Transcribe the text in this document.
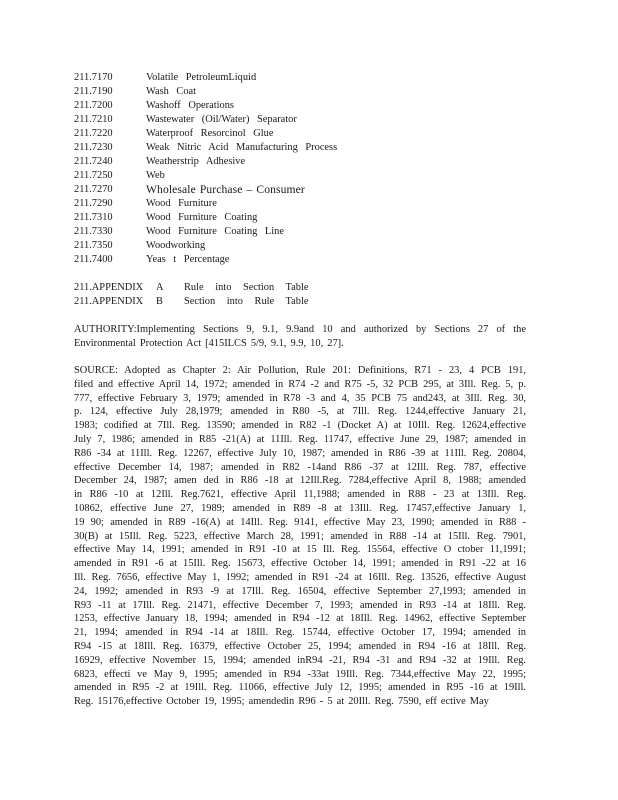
211.7170	Volatile PetroleumLiquid
211.7190	Wash Coat
211.7200	Washoff Operations
211.7210	Wastewater (Oil/Water) Separator
211.7220	Waterproof Resorcinol Glue
211.7230	Weak Nitric Acid Manufacturing Process
211.7240	Weatherstrip Adhesive
211.7250	Web
211.7270	Wholesale Purchase – Consumer
211.7290	Wood Furniture
211.7310	Wood Furniture Coating
211.7330	Wood Furniture Coating Line
211.7350	Woodworking
211.7400	Yeas t Percentage
211.APPENDIX	A	Rule into Section Table
211.APPENDIX	B	Section into Rule Table
AUTHORITY:Implementing Sections 9, 9.1, 9.9and 10 and authorized by Sections 27 of the Environmental Protection Act [415ILCS 5/9, 9.1, 9.9, 10, 27].
SOURCE: Adopted as Chapter 2: Air Pollution, Rule 201: Definitions, R71 - 23, 4 PCB 191,
filed and effective April 14, 1972; amended in R74 -2 and R75 -5, 32 PCB 295, at 3Ill. Reg. 5, p.
777, effective February 3, 1979; amended in R78 -3 and 4, 35 PCB 75 and243, at 3Ill. Reg. 30,
p. 124, effective July 28,1979; amended in R80 -5, at 7Ill. Reg. 1244,effective January 21,
1983; codified at 7Ill. Reg. 13590; amended in R82 -1 (Docket A) at 10Ill. Reg. 12624,effective
July 7, 1986; amended in R85 -21(A) at 11Ill. Reg. 11747, effective June 29, 1987; amended in
R86 -34 at 11Ill. Reg. 12267, effective July 10, 1987; amended in R86 -39 at 11Ill. Reg. 20804,
effective December 14, 1987; amended in R82 -14and R86 -37 at 12Ill. Reg. 787, effective
December 24, 1987; amen ded in R86 -18 at 12Ill.Reg. 7284,effective April 8, 1988; amended
in R86 -10 at 12Ill. Reg.7621, effective April 11,1988; amended in R88 - 23 at 13Ill. Reg.
10862, effective June 27, 1989; amended in R89 -8 at 13Ill. Reg. 17457,effective January 1,
19 90; amended in R89 -16(A) at 14Ill. Reg. 9141, effective May 23, 1990; amended in R88 -
30(B) at 15Ill. Reg. 5223, effective March 28, 1991; amended in R88 -14 at 15Ill. Reg. 7901,
effective May 14, 1991; amended in R91 -10 at 15 Ill. Reg. 15564, effective O ctober 11,1991;
amended in R91 -6 at 15Ill. Reg. 15673, effective October 14, 1991; amended in R91 -22 at 16
Ill. Reg. 7656, effective May 1, 1992; amended in R91 -24 at 16Ill. Reg. 13526, effective August
24, 1992; amended in R93 -9 at 17Ill. Reg. 16504, effective September 27,1993; amended in
R93 -11 at 17Ill. Reg. 21471, effective December 7, 1993; amended in R93 -14 at 18Ill. Reg.
1253, effective January 18, 1994; amended in R94 -12 at 18Ill. Reg. 14962, effective September
21, 1994; amended in R94 -14 at 18Ill. Reg. 15744, effective October 17, 1994; amended in
R94 -15 at 18Ill. Reg. 16379, effective October 25, 1994; amended in R94 -16 at 18Ill. Reg.
16929, effective November 15, 1994; amended inR94 -21, R94 -31 and R94 -32 at 19Ill. Reg.
6823, effecti ve May 9, 1995; amended in R94 -33at 19Ill. Reg. 7344,effective May 22, 1995;
amended in R95 -2 at 19Ill. Reg. 11066, effective July 12, 1995; amended in R95 -16 at 19Ill.
Reg. 15176,effective October 19, 1995; amendedin R96 - 5 at 20Ill. Reg. 7590, eff ective May
